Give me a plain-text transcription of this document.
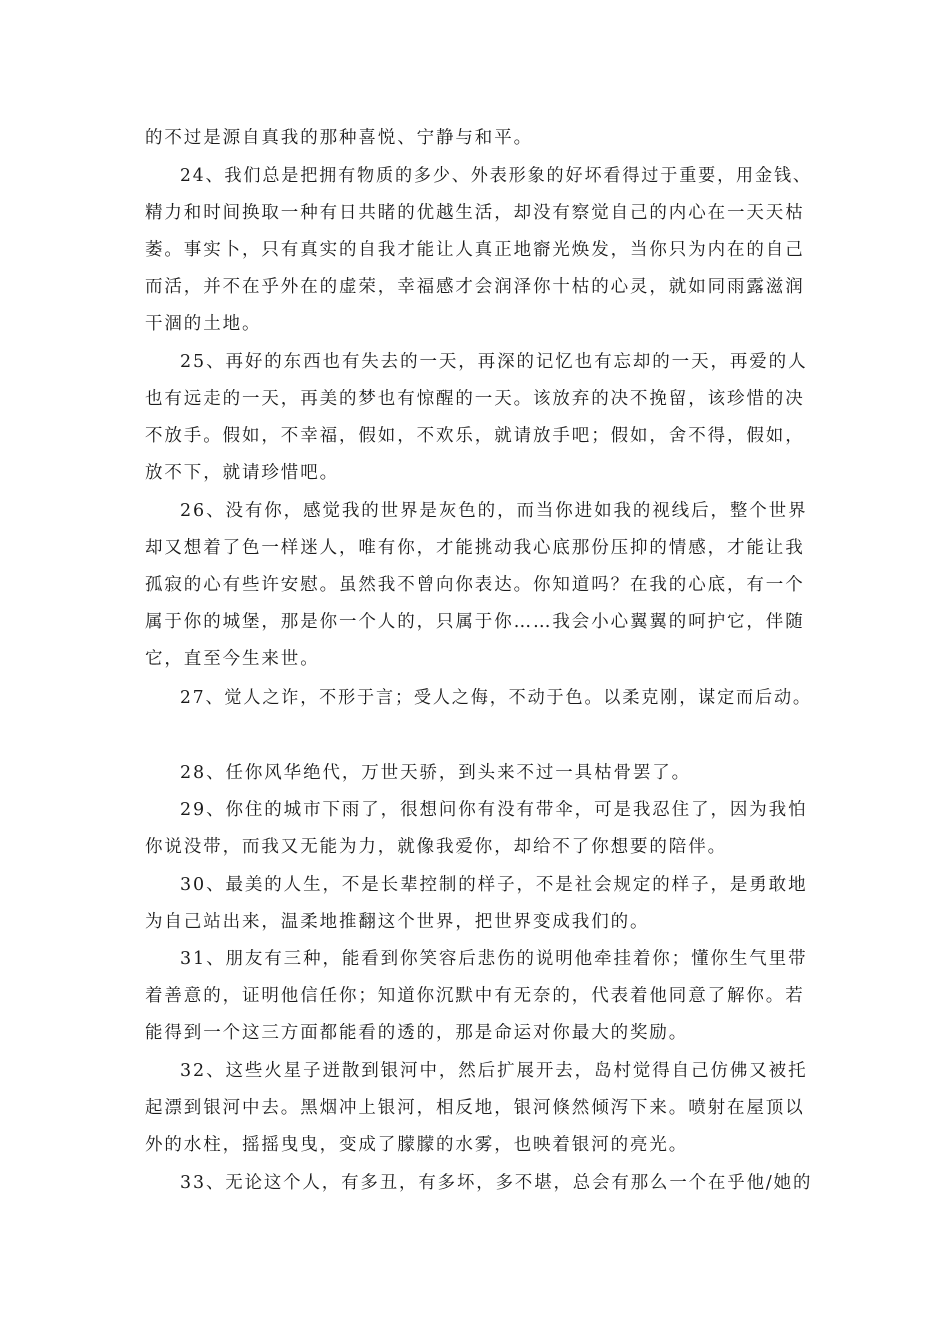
的不过是源自真我的那种喜悦、宁静与和平。
24、我们总是把拥有物质的多少、外表形象的好坏看得过于重要，用金钱、
精力和时间换取一种有日共睹的优越生活，却没有察觉自己的内心在一天天枯
萎。事实卜，只有真实的自我才能让人真正地窬光焕发，当你只为内在的自己
而活，并不在乎外在的虚荣，幸福感才会润泽你十枯的心灵，就如同雨露滋润
干涸的土地。
25、再好的东西也有失去的一天，再深的记忆也有忘却的一天，再爱的人
也有远走的一天，再美的梦也有惊醒的一天。该放弃的决不挽留，该珍惜的决
不放手。假如，不幸福，假如，不欢乐，就请放手吧；假如，舍不得，假如，
放不下，就请珍惜吧。
26、没有你，感觉我的世界是灰色的，而当你进如我的视线后，整个世界
却又想着了色一样迷人，唯有你，才能挑动我心底那份压抑的情感，才能让我
孤寂的心有些许安慰。虽然我不曾向你表达。你知道吗？在我的心底，有一个
属于你的城堡，那是你一个人的，只属于你……我会小心翼翼的呵护它，伴随
它，直至今生来世。
27、觉人之诈，不形于言；受人之侮，不动于色。以柔克刚，谋定而后动。
28、任你风华绝代，万世天骄，到头来不过一具枯骨罢了。
29、你住的城市下雨了，很想问你有没有带伞，可是我忍住了，因为我怕
你说没带，而我又无能为力，就像我爱你，却给不了你想要的陪伴。
30、最美的人生，不是长辈控制的样子，不是社会规定的样子，是勇敢地
为自己站出来，温柔地推翻这个世界，把世界变成我们的。
31、朋友有三种，能看到你笑容后悲伤的说明他牵挂着你；懂你生气里带
着善意的，证明他信任你；知道你沉默中有无奈的，代表着他同意了解你。若
能得到一个这三方面都能看的透的，那是命运对你最大的奖励。
32、这些火星子迸散到银河中，然后扩展开去，岛村觉得自己仿佛又被托
起漂到银河中去。黑烟冲上银河，相反地，银河倏然倾泻下来。喷射在屋顶以
外的水柱，摇摇曳曳，变成了朦朦的水雾，也映着银河的亮光。
33、无论这个人，有多丑，有多坏，多不堪，总会有那么一个在乎他/她的
